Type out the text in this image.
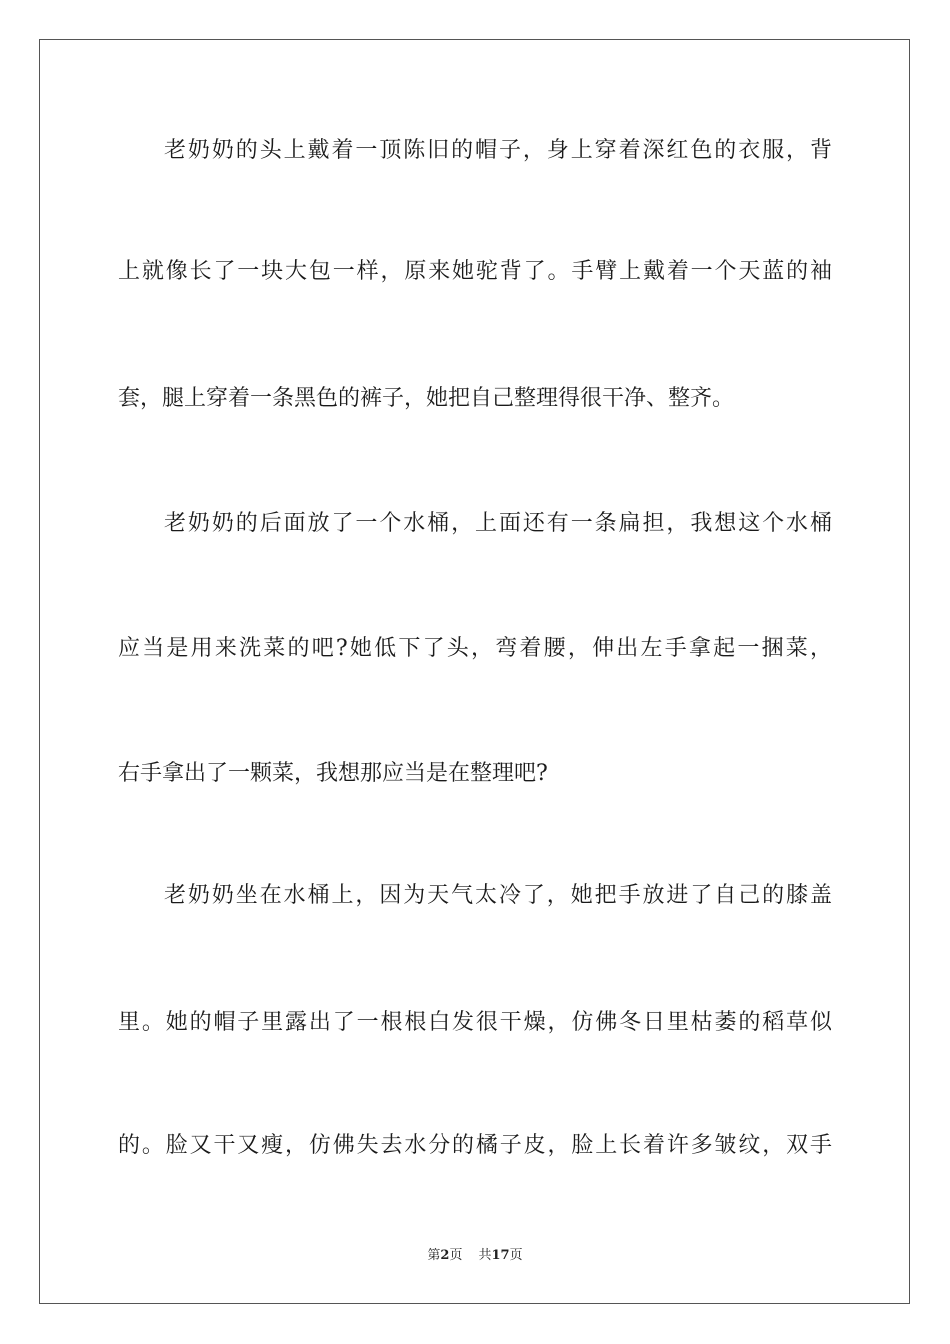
老奶奶的头上戴着一顶陈旧的帽子，身上穿着深红色的衣服，背
上就像长了一块大包一样，原来她驼背了。手臂上戴着一个天蓝的袖
套，腿上穿着一条黑色的裤子，她把自己整理得很干净、整齐。
老奶奶的后面放了一个水桶，上面还有一条扁担，我想这个水桶
应当是用来洗菜的吧?她低下了头，弯着腰，伸出左手拿起一捆菜，
右手拿出了一颗菜，我想那应当是在整理吧?
老奶奶坐在水桶上，因为天气太冷了，她把手放进了自己的膝盖
里。她的帽子里露出了一根根白发很干燥，仿佛冬日里枯萎的稻草似
的。脸又干又瘦，仿佛失去水分的橘子皮，脸上长着许多皱纹，双手
第2页 共17页
